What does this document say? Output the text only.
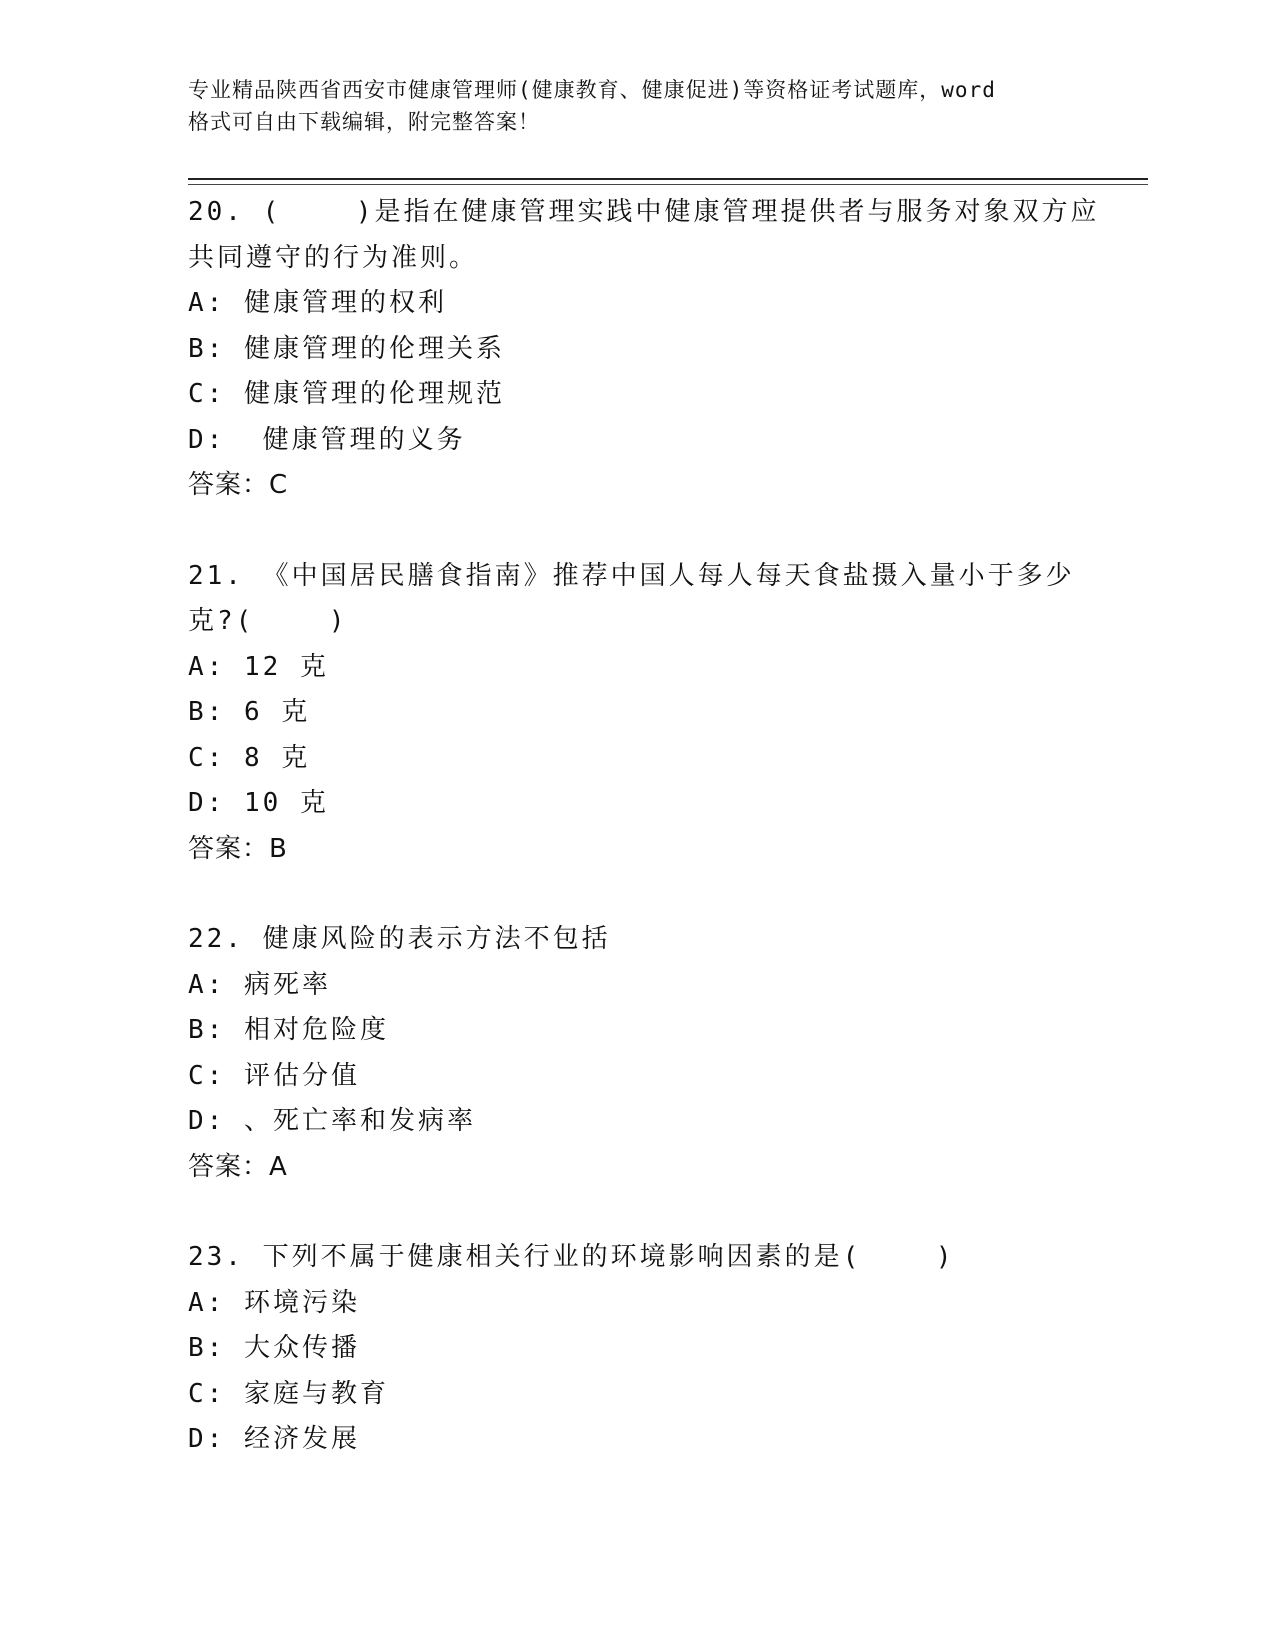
专业精品陕西省西安市健康管理师(健康教育、健康促进)等资格证考试题库，word
格式可自由下载编辑，附完整答案！
20. (    )是指在健康管理实践中健康管理提供者与服务对象双方应
共同遵守的行为准则。
A: 健康管理的权利
B: 健康管理的伦理关系
C: 健康管理的伦理规范
D:  健康管理的义务
答案：C
21. 《中国居民膳食指南》推荐中国人每人每天食盐摄入量小于多少
克?(    )
A: 12 克
B: 6 克
C: 8 克
D: 10 克
答案：B
22. 健康风险的表示方法不包括
A: 病死率
B: 相对危险度
C: 评估分值
D: 、死亡率和发病率
答案：A
23. 下列不属于健康相关行业的环境影响因素的是(    )
A: 环境污染
B: 大众传播
C: 家庭与教育
D: 经济发展
